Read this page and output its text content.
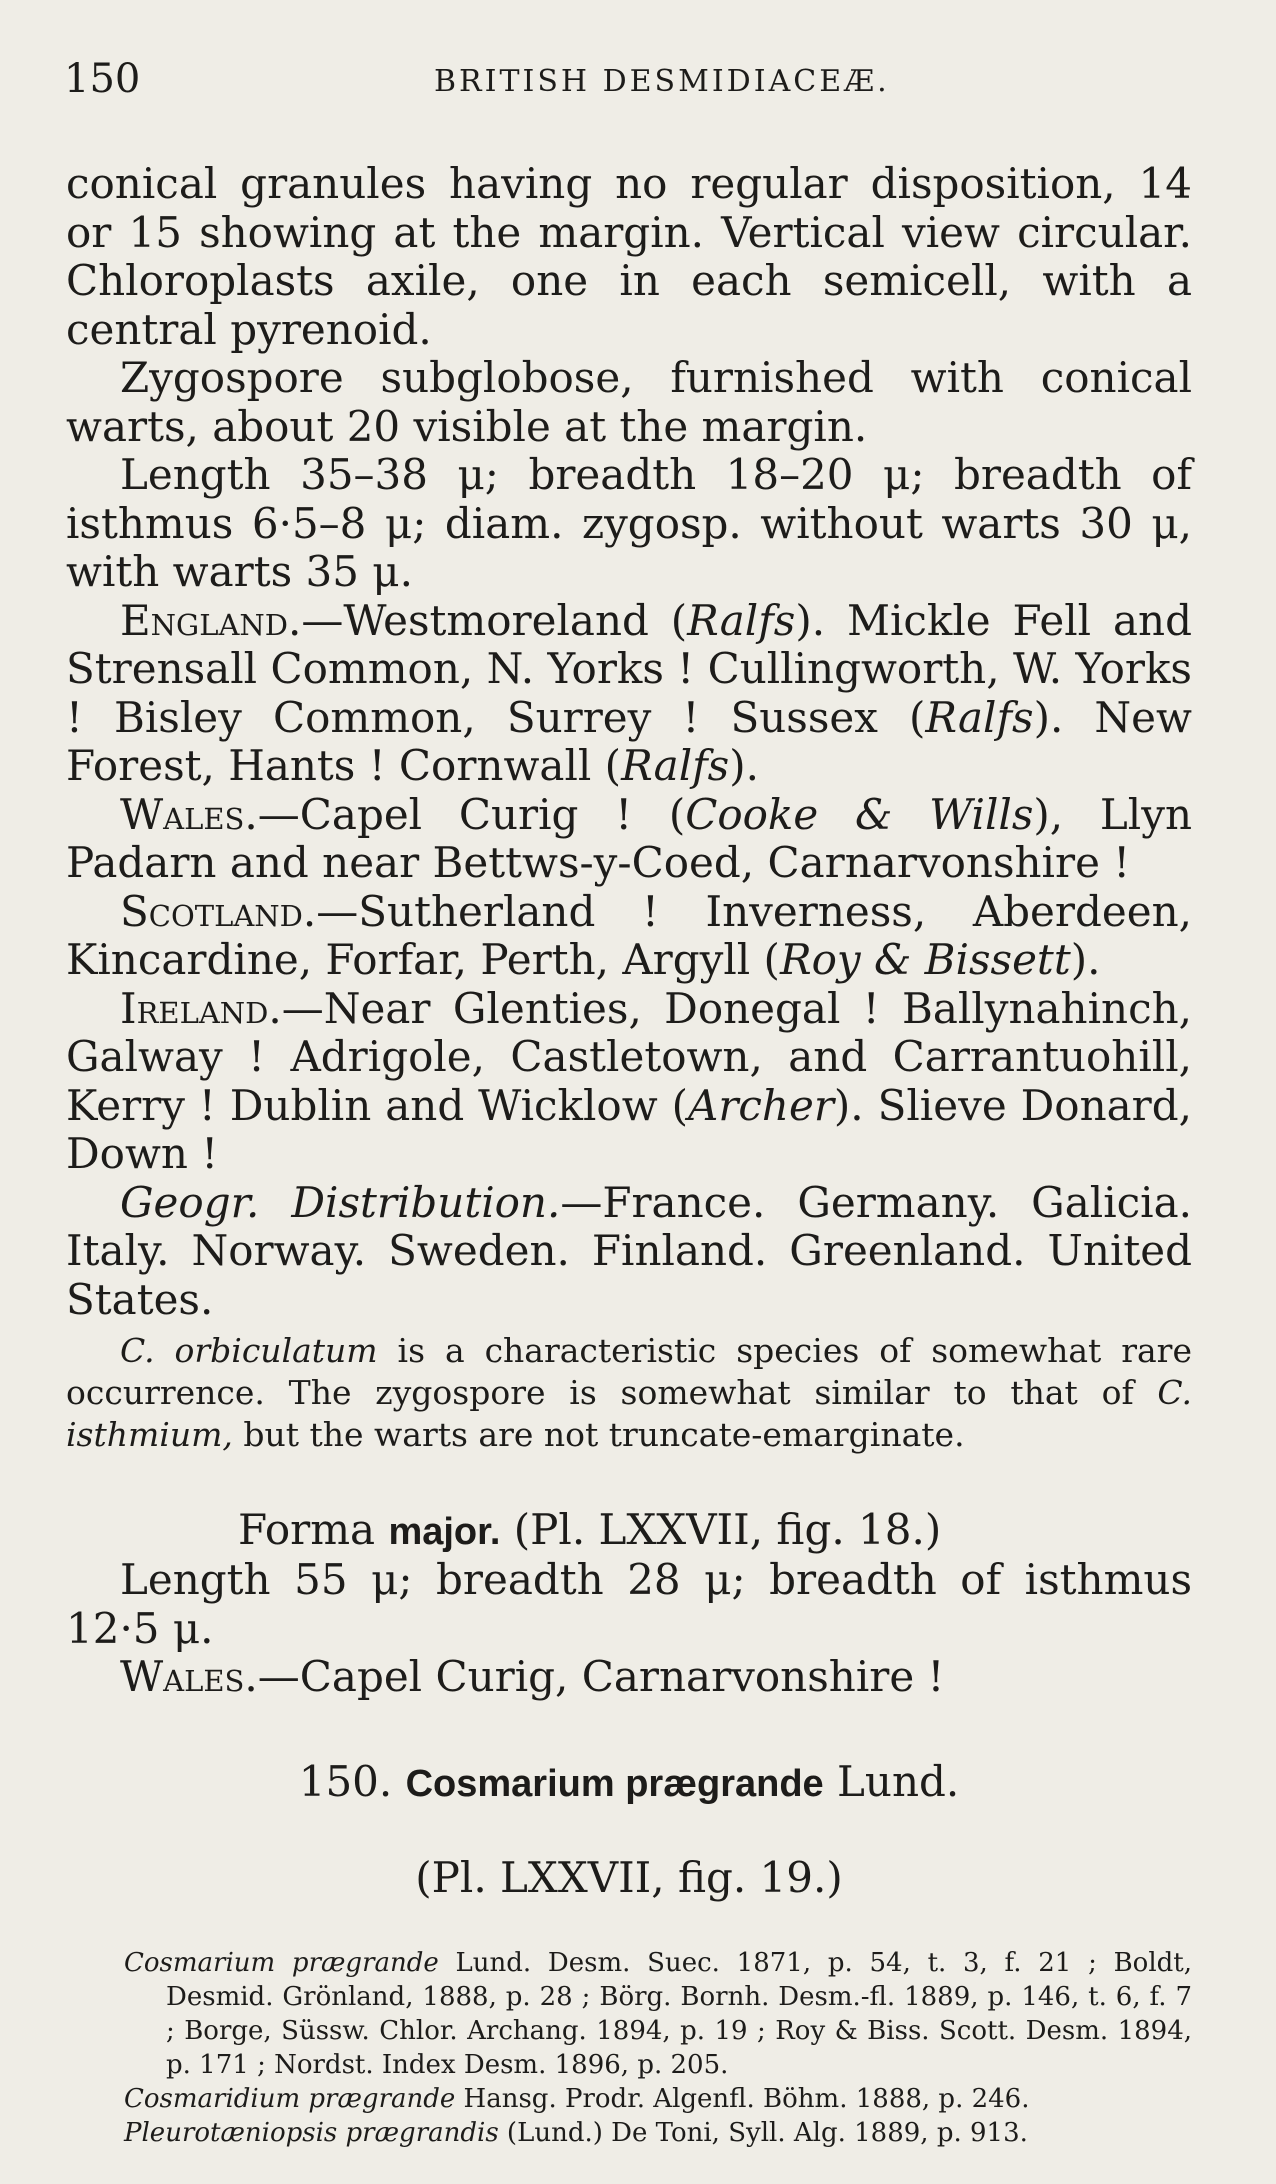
150	BRITISH DESMIDIACEÆ.

conical granules having no regular disposition, 14 or 15 showing at the margin. Vertical view circular. Chloroplasts axile, one in each semicell, with a central pyrenoid.

Zygospore subglobose, furnished with conical warts, about 20 visible at the margin.

Length 35–38 μ; breadth 18–20 μ; breadth of isthmus 6·5–8 μ; diam. zygosp. without warts 30 μ, with warts 35 μ.

England.—Westmoreland (Ralfs). Mickle Fell and Strensall Common, N. Yorks ! Cullingworth, W. Yorks ! Bisley Common, Surrey ! Sussex (Ralfs). New Forest, Hants ! Cornwall (Ralfs).

Wales.—Capel Curig ! (Cooke & Wills), Llyn Padarn and near Bettws-y-Coed, Carnarvonshire !

Scotland.—Sutherland ! Inverness, Aberdeen, Kincardine, Forfar, Perth, Argyll (Roy & Bissett).

Ireland.—Near Glenties, Donegal ! Ballynahinch, Galway ! Adrigole, Castletown, and Carrantuohill, Kerry ! Dublin and Wicklow (Archer). Slieve Donard, Down !

Geogr. Distribution.—France. Germany. Galicia. Italy. Norway. Sweden. Finland. Greenland. United States.

C. orbiculatum is a characteristic species of somewhat rare occurrence. The zygospore is somewhat similar to that of C. isthmium, but the warts are not truncate-emarginate.

Forma major. (Pl. LXXVII, fig. 18.)

Length 55 μ; breadth 28 μ; breadth of isthmus 12·5 μ.

Wales.—Capel Curig, Carnarvonshire !

150. Cosmarium prægrande Lund.

(Pl. LXXVII, fig. 19.)

Cosmarium prægrande Lund. Desm. Suec. 1871, p. 54, t. 3, f. 21 ; Boldt, Desmid. Grönland, 1888, p. 28 ; Börg. Bornh. Desm.-fl. 1889, p. 146, t. 6, f. 7 ; Borge, Süssw. Chlor. Archang. 1894, p. 19 ; Roy & Biss. Scott. Desm. 1894, p. 171 ; Nordst. Index Desm. 1896, p. 205.

Cosmaridium prægrande Hansg. Prodr. Algenfl. Böhm. 1888, p. 246.

Pleurotæniopsis prægrandis (Lund.) De Toni, Syll. Alg. 1889, p. 913.
